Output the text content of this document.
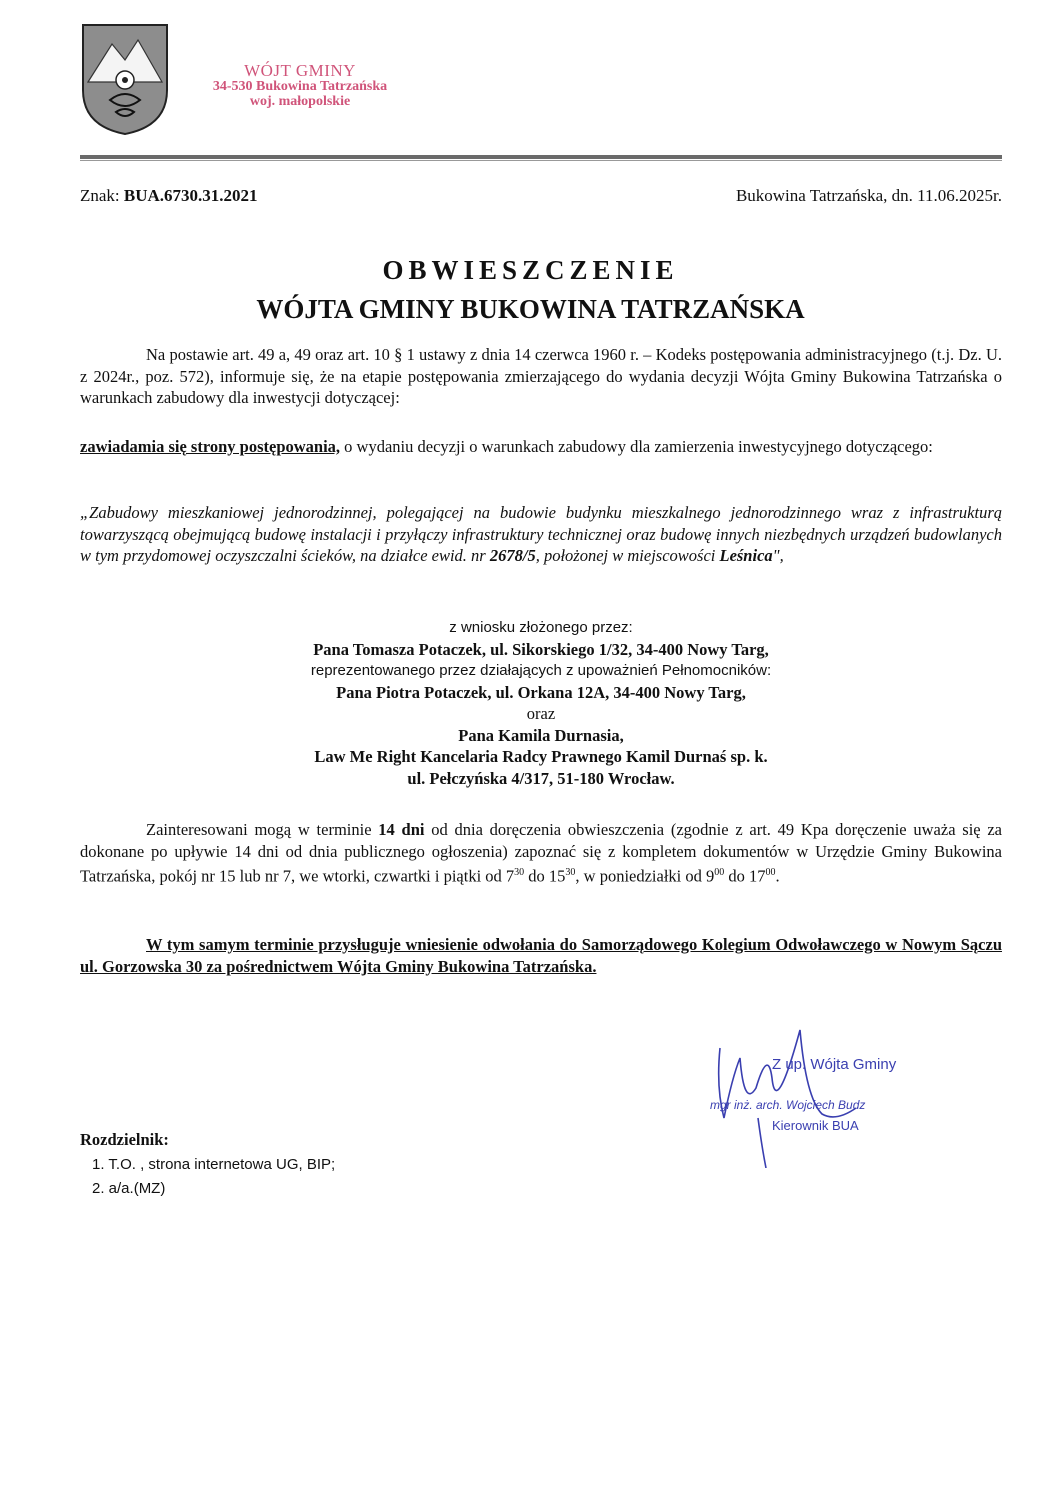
WÓJT GMINY
34-530 Bukowina Tatrzańska
woj. małopolskie
Znak: BUA.6730.31.2021	Bukowina Tatrzańska, dn. 11.06.2025r.
OBWIESZCZENIE
WÓJTA GMINY BUKOWINA TATRZAŃSKA
Na postawie art. 49 a, 49 oraz art. 10 § 1 ustawy z dnia 14 czerwca 1960 r. – Kodeks postępowania administracyjnego (t.j. Dz. U. z 2024r., poz. 572), informuje się, że na etapie postępowania zmierzającego do wydania decyzji Wójta Gminy Bukowina Tatrzańska o warunkach zabudowy dla inwestycji dotyczącej:
zawiadamia się strony postępowania, o wydaniu decyzji o warunkach zabudowy dla zamierzenia inwestycyjnego dotyczącego:
„Zabudowy mieszkaniowej jednorodzinnej, polegającej na budowie budynku mieszkalnego jednorodzinnego wraz z infrastrukturą towarzyszącą obejmującą budowę instalacji i przyłączy infrastruktury technicznej oraz budowę innych niezbędnych urządzeń budowlanych w tym przydomowej oczyszczalni ścieków, na działce ewid. nr 2678/5, położonej w miejscowości Leśnica",
z wniosku złożonego przez:
Pana Tomasza Potaczek, ul. Sikorskiego 1/32, 34-400 Nowy Targ,
reprezentowanego przez działających z upoważnień Pełnomocników:
Pana Piotra Potaczek, ul. Orkana 12A, 34-400 Nowy Targ,
oraz
Pana Kamila Durnasia,
Law Me Right Kancelaria Radcy Prawnego Kamil Durnaś sp. k.
ul. Pełczyńska 4/317, 51-180 Wrocław.
Zainteresowani mogą w terminie 14 dni od dnia doręczenia obwieszczenia (zgodnie z art. 49 Kpa doręczenie uważa się za dokonane po upływie 14 dni od dnia publicznego ogłoszenia) zapoznać się z kompletem dokumentów w Urzędzie Gminy Bukowina Tatrzańska, pokój nr 15 lub nr 7, we wtorki, czwartki i piątki od $7^{30}$ do $15^{30}$, w poniedziałki od $9^{00}$ do $17^{00}$.
W tym samym terminie przysługuje wniesienie odwołania do Samorządowego Kolegium Odwoławczego w Nowym Sączu ul. Gorzowska 30 za pośrednictwem Wójta Gminy Bukowina Tatrzańska.
Z up. Wójta Gminy
mgr inż. arch. Wojciech Budz
Kierownik BUA
Rozdzielnik:
1. T.O. , strona internetowa UG, BIP;
2. a/a.(MZ)
